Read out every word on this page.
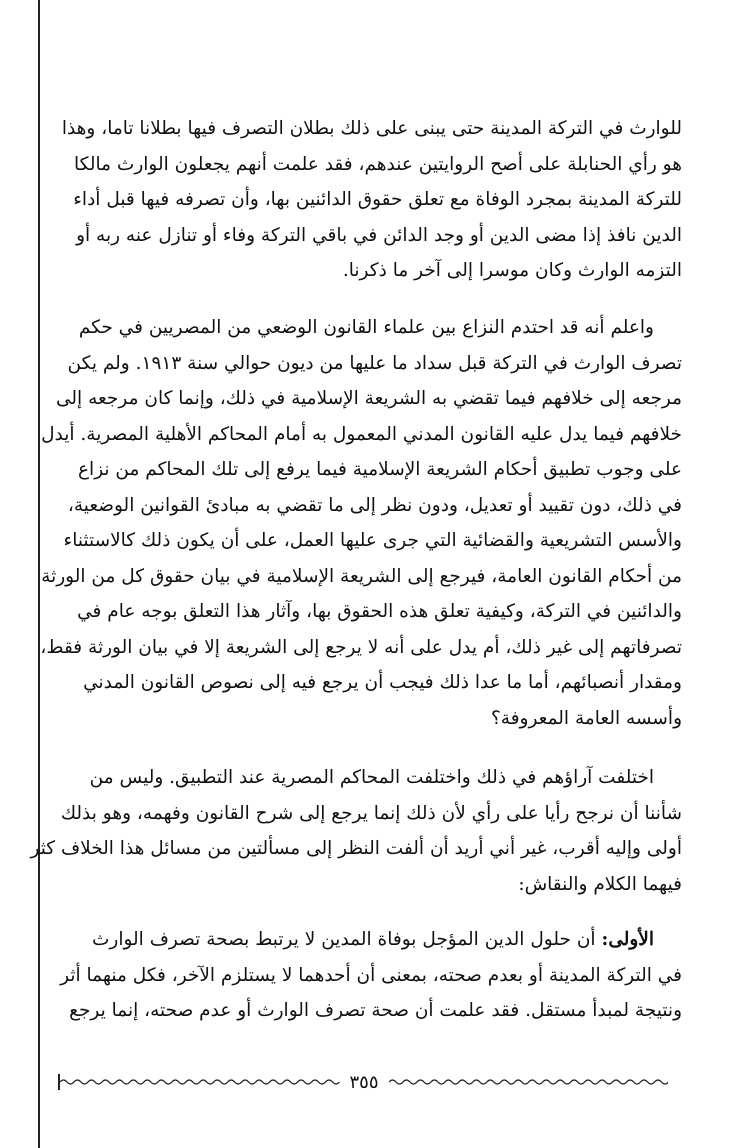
للوارث في التركة المدينة حتى يبنى على ذلك بطلان التصرف فيها بطلانا تاما، وهذا
هو رأي الحنابلة على أصح الروايتين عندهم، فقد علمت أنهم يجعلون الوارث مالكا
للتركة المدينة بمجرد الوفاة مع تعلق حقوق الدائنين بها، وأن تصرفه فيها قبل أداء
الدين نافذ إذا مضى الدين أو وجد الدائن في باقي التركة وفاء أو تنازل عنه ربه أو
التزمه الوارث وكان موسرا إلى آخر ما ذكرنا.
واعلم أنه قد احتدم النزاع بين علماء القانون الوضعي من المصريين في حكم
تصرف الوارث في التركة قبل سداد ما عليها من ديون حوالي سنة ١٩١٣. ولم يكن
مرجعه إلى خلافهم فيما تقضي به الشريعة الإسلامية في ذلك، وإنما كان مرجعه إلى
خلافهم فيما يدل عليه القانون المدني المعمول به أمام المحاكم الأهلية المصرية. أيدل
على وجوب تطبيق أحكام الشريعة الإسلامية فيما يرفع إلى تلك المحاكم من نزاع
في ذلك، دون تقييد أو تعديل، ودون نظر إلى ما تقضي به مبادئ القوانين الوضعية،
والأسس التشريعية والقضائية التي جرى عليها العمل، على أن يكون ذلك كالاستثناء
من أحكام القانون العامة، فيرجع إلى الشريعة الإسلامية في بيان حقوق كل من الورثة
والدائنين في التركة، وكيفية تعلق هذه الحقوق بها، وآثار هذا التعلق بوجه عام في
تصرفاتهم إلى غير ذلك، أم يدل على أنه لا يرجع إلى الشريعة إلا في بيان الورثة فقط،
ومقدار أنصبائهم، أما ما عدا ذلك فيجب أن يرجع فيه إلى نصوص القانون المدني
وأسسه العامة المعروفة؟
اختلفت آراؤهم في ذلك واختلفت المحاكم المصرية عند التطبيق. وليس من
شأننا أن نرجح رأيا على رأي لأن ذلك إنما يرجع إلى شرح القانون وفهمه، وهو بذلك
أولى وإليه أقرب، غير أني أريد أن ألفت النظر إلى مسألتين من مسائل هذا الخلاف كثر
فيهما الكلام والنقاش:
الأولى: أن حلول الدين المؤجل بوفاة المدين لا يرتبط بصحة تصرف الوارث
في التركة المدينة أو بعدم صحته، بمعنى أن أحدهما لا يستلزم الآخر، فكل منهما أثر
ونتيجة لمبدأ مستقل. فقد علمت أن صحة تصرف الوارث أو عدم صحته، إنما يرجع
٣٥٥
